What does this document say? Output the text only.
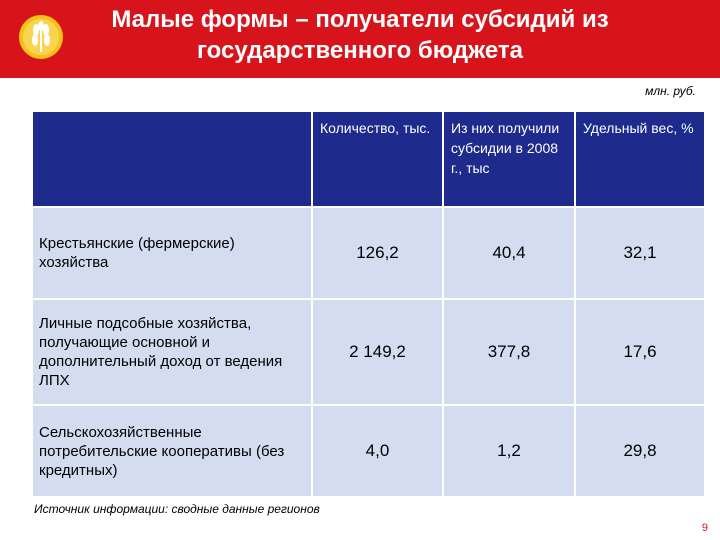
Малые формы – получатели субсидий из
государственного бюджета
млн. руб.
	Количество, тыс.	Из них получили субсидии в 2008 г., тыс	Удельный вес, %
Крестьянские (фермерские) хозяйства	126,2	40,4	32,1
Личные подсобные хозяйства, получающие основной и дополнительный доход от ведения ЛПХ	2 149,2	377,8	17,6
Сельскохозяйственные потребительские кооперативы (без кредитных)	4,0	1,2	29,8
Источник информации: сводные данные регионов
9
